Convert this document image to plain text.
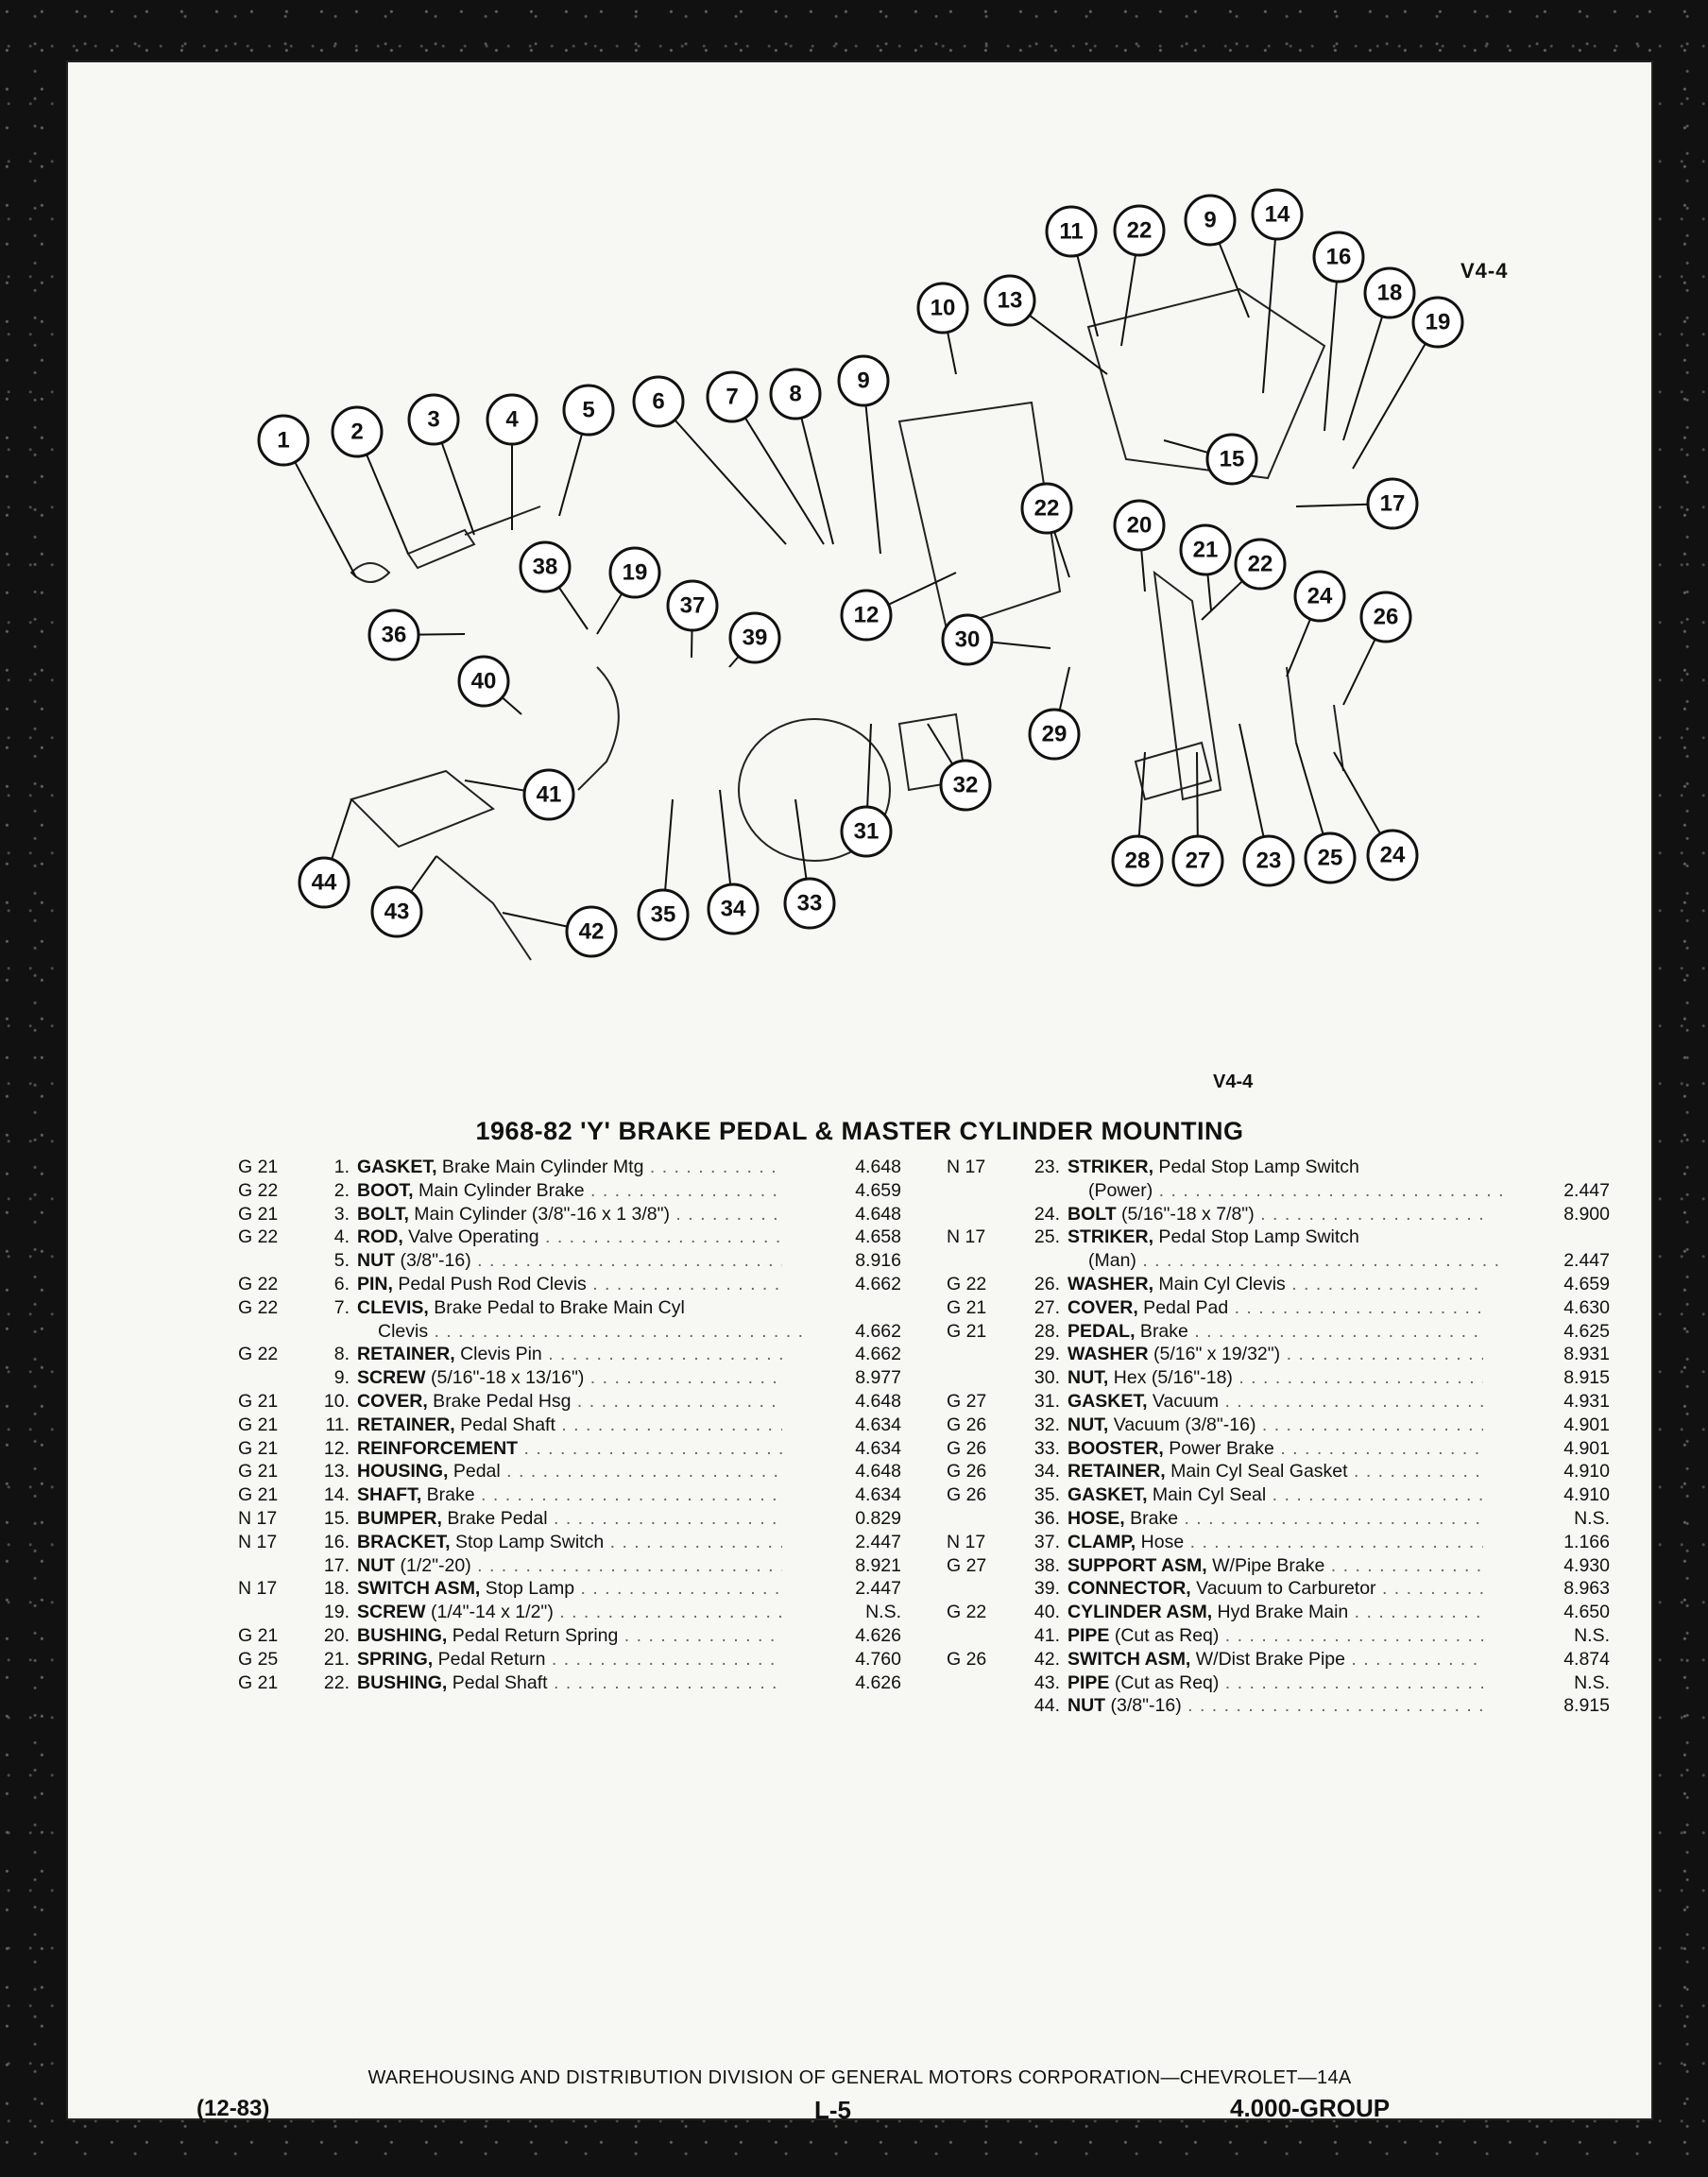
V4-4
1	2	3	4	5	6	7 8
9
10
11 22 9 14
13
16
18
19
15
17
12
22
20
21
22
24
26
38	19
37
39
36
40
30
29
41
31
32
28 27 23 25 24
44
43
42
35 34 33
V4-4
1968-82 'Y' BRAKE PEDAL & MASTER CYLINDER MOUNTING
G 21	1. GASKET, Brake Main Cylinder Mtg . . .	4.648
G 22	2. BOOT, Main Cylinder Brake . . .	4.659
G 21	3. BOLT, Main Cylinder (3/8"-16 x 1 3/8") . . .	4.648
G 22	4. ROD, Valve Operating . . .	4.658
5. NUT (3/8"-16) . . .	8.916
G 22	6. PIN, Pedal Push Rod Clevis . . .	4.662
G 22	7. CLEVIS, Brake Pedal to Brake Main Cyl
Clevis . . .	4.662
G 22	8. RETAINER, Clevis Pin . . .	4.662
9. SCREW (5/16"-18 x 13/16") . . .	8.977
G 21	10. COVER, Brake Pedal Hsg . . .	4.648
G 21	11. RETAINER, Pedal Shaft . . .	4.634
G 21	12. REINFORCEMENT . . .	4.634
G 21	13. HOUSING, Pedal . . .	4.648
G 21	14. SHAFT, Brake . . .	4.634
N 17	15. BUMPER, Brake Pedal . . .	0.829
N 17	16. BRACKET, Stop Lamp Switch . . .	2.447
17. NUT (1/2"-20) . . .	8.921
N 17	18. SWITCH ASM, Stop Lamp . . .	2.447
19. SCREW (1/4"-14 x 1/2") . . .	N.S.
G 21	20. BUSHING, Pedal Return Spring . . .	4.626
G 25	21. SPRING, Pedal Return . . .	4.760
G 21	22. BUSHING, Pedal Shaft . . .	4.626
N 17	23. STRIKER, Pedal Stop Lamp Switch
(Power) . . .	2.447
24. BOLT (5/16"-18 x 7/8") . . .	8.900
N 17	25. STRIKER, Pedal Stop Lamp Switch
(Man) . . .	2.447
G 22	26. WASHER, Main Cyl Clevis . . .	4.659
G 21	27. COVER, Pedal Pad . . .	4.630
G 21	28. PEDAL, Brake . . .	4.625
29. WASHER (5/16" x 19/32") . . .	8.931
30. NUT, Hex (5/16"-18) . . .	8.915
G 27	31. GASKET, Vacuum . . .	4.931
G 26	32. NUT, Vacuum (3/8"-16) . . .	4.901
G 26	33. BOOSTER, Power Brake . . .	4.901
G 26	34. RETAINER, Main Cyl Seal Gasket . . .	4.910
G 26	35. GASKET, Main Cyl Seal . . .	4.910
36. HOSE, Brake . . .	N.S.
N 17	37. CLAMP, Hose . . .	1.166
G 27	38. SUPPORT ASM, W/Pipe Brake . . .	4.930
39. CONNECTOR, Vacuum to Carburetor . . .	8.963
G 22	40. CYLINDER ASM, Hyd Brake Main . . .	4.650
41. PIPE (Cut as Req) . . .	N.S.
G 26	42. SWITCH ASM, W/Dist Brake Pipe . . .	4.874
43. PIPE (Cut as Req) . . .	N.S.
44. NUT (3/8"-16) . . .	8.915
WAREHOUSING AND DISTRIBUTION DIVISION OF GENERAL MOTORS CORPORATION—CHEVROLET—14A
(12-83)	L-5	4.000-GROUP
